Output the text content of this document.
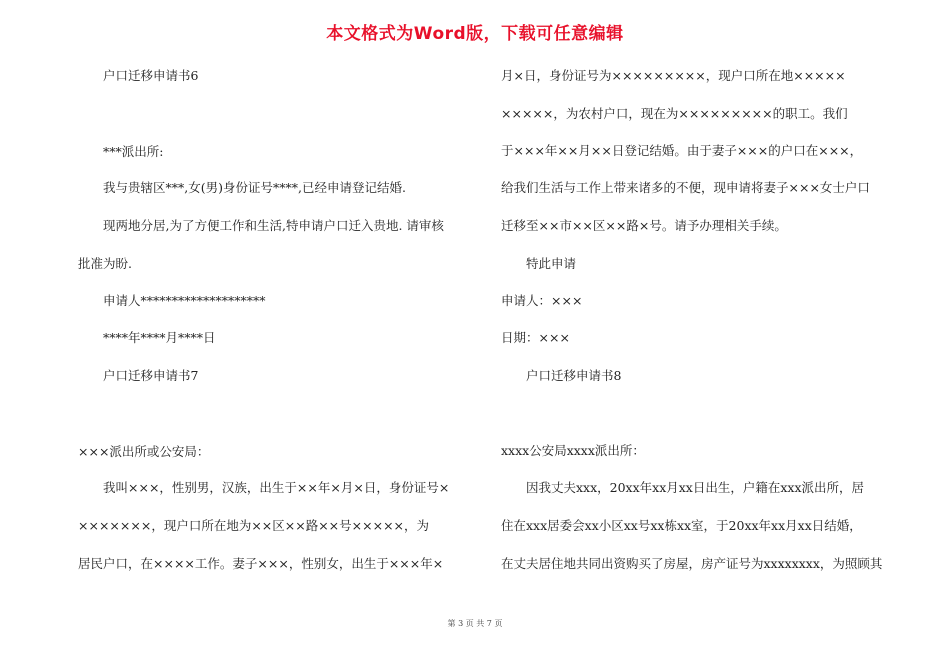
本文格式为Word版，下载可任意编辑
户口迁移申请书6
***派出所:
我与贵辖区***,女(男)身份证号****,已经申请登记结婚.
现两地分居,为了方便工作和生活,特申请户口迁入贵地. 请审核
批准为盼.
申请人********************
****年****月****日
户口迁移申请书7
×××派出所或公安局：
我叫×××，性别男，汉族，出生于××年×月×日，身份证号×
×××××××，现户口所在地为××区××路××号×××××，为
居民户口，在××××工作。妻子×××，性别女，出生于×××年×
月×日，身份证号为×××××××××，现户口所在地×××××
×××××，为农村户口，现在为×××××××××的职工。我们
于×××年××月××日登记结婚。由于妻子×××的户口在×××，
给我们生活与工作上带来诸多的不便，现申请将妻子×××女士户口
迁移至××市××区××路×号。请予办理相关手续。
特此申请
申请人：×××
日期：×××
户口迁移申请书8
xxxx公安局xxxx派出所：
因我丈夫xxx，20xx年xx月xx日出生，户籍在xxx派出所，居
住在xxx居委会xx小区xx号xx栋xx室，于20xx年xx月xx日结婚，
在丈夫居住地共同出资购买了房屋，房产证号为xxxxxxxx，为照顾其
第 3 页 共 7 页
